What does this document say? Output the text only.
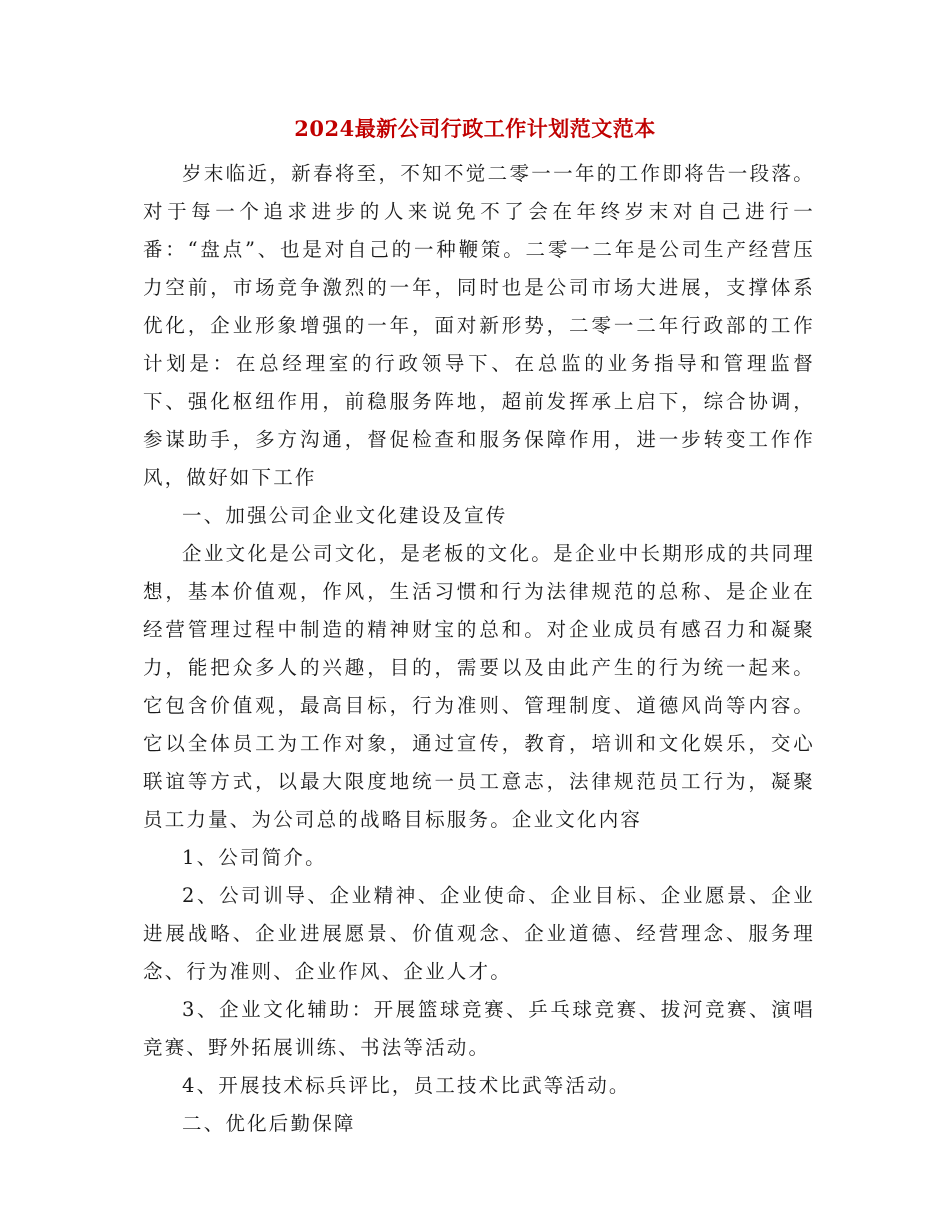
2024最新公司行政工作计划范文范本

岁末临近，新春将至，不知不觉二零一一年的工作即将告一段落。对于每一个追求进步的人来说免不了会在年终岁末对自己进行一番：“盘点”、也是对自己的一种鞭策。二零一二年是公司生产经营压力空前，市场竞争激烈的一年，同时也是公司市场大进展，支撑体系优化，企业形象增强的一年，面对新形势，二零一二年行政部的工作计划是：在总经理室的行政领导下、在总监的业务指导和管理监督下、强化枢纽作用，前稳服务阵地，超前发挥承上启下，综合协调，参谋助手，多方沟通，督促检查和服务保障作用，进一步转变工作作风，做好如下工作

一、加强公司企业文化建设及宣传

企业文化是公司文化，是老板的文化。是企业中长期形成的共同理想，基本价值观，作风，生活习惯和行为法律规范的总称、是企业在经营管理过程中制造的精神财宝的总和。对企业成员有感召力和凝聚力，能把众多人的兴趣，目的，需要以及由此产生的行为统一起来。它包含价值观，最高目标，行为准则、管理制度、道德风尚等内容。它以全体员工为工作对象，通过宣传，教育，培训和文化娱乐，交心联谊等方式，以最大限度地统一员工意志，法律规范员工行为，凝聚员工力量、为公司总的战略目标服务。企业文化内容

1、公司简介。

2、公司训导、企业精神、企业使命、企业目标、企业愿景、企业进展战略、企业进展愿景、价值观念、企业道德、经营理念、服务理念、行为准则、企业作风、企业人才。

3、企业文化辅助：开展篮球竞赛、乒乓球竞赛、拔河竞赛、演唱竞赛、野外拓展训练、书法等活动。

4、开展技术标兵评比，员工技术比武等活动。

二、优化后勤保障
